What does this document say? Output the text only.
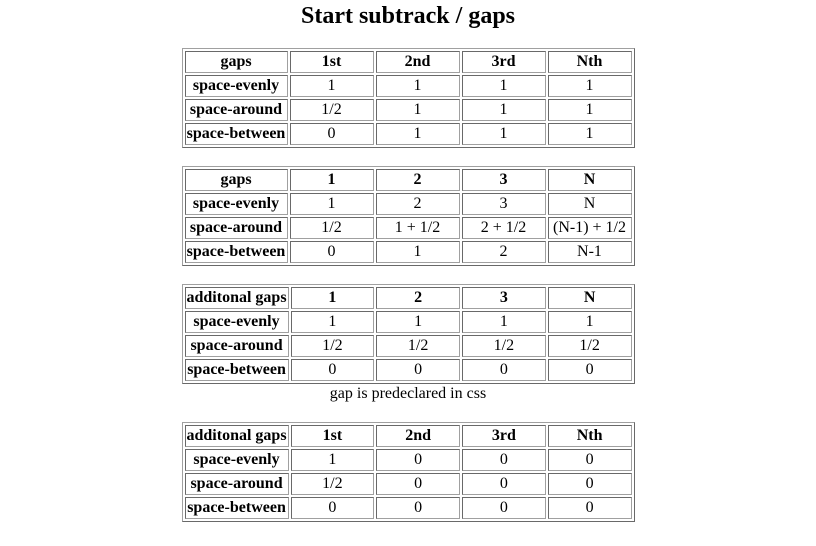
Start subtrack / gaps
gaps	1st	2nd	3rd	Nth
space-evenly	1	1	1	1
space-around	1/2	1	1	1
space-between	0	1	1	1
gaps	1	2	3	N
space-evenly	1	2	3	N
space-around	1/2	1 + 1/2	2 + 1/2	(N-1) + 1/2
space-between	0	1	2	N-1
additonal gaps	1	2	3	N
space-evenly	1	1	1	1
space-around	1/2	1/2	1/2	1/2
space-between	0	0	0	0
gap is predeclared in css
additonal gaps	1st	2nd	3rd	Nth
space-evenly	1	0	0	0
space-around	1/2	0	0	0
space-between	0	0	0	0
